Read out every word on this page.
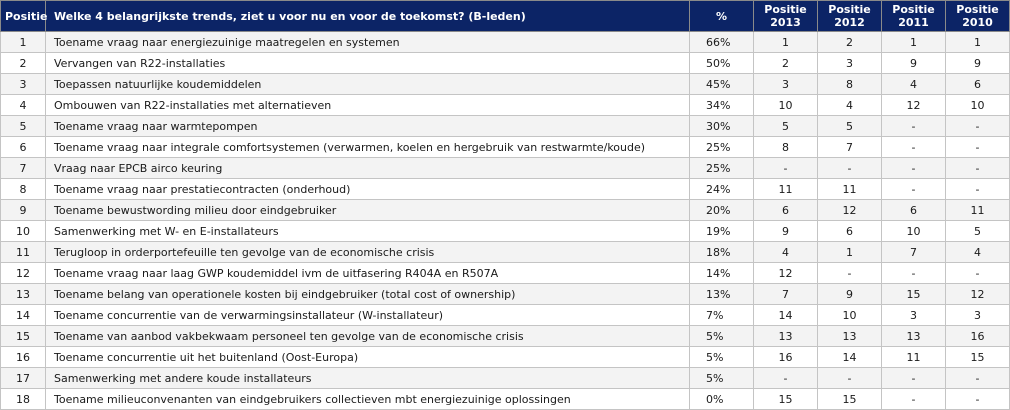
Positie	Welke 4 belangrijkste trends, ziet u voor nu en voor de toekomst? (B-leden)	%	Positie 2013	Positie 2012	Positie 2011	Positie 2010
1	Toename vraag naar energiezuinige maatregelen en systemen	66%	1	2	1	1
2	Vervangen van R22-installaties	50%	2	3	9	9
3	Toepassen natuurlijke koudemiddelen	45%	3	8	4	6
4	Ombouwen van R22-installaties met alternatieven	34%	10	4	12	10
5	Toename vraag naar warmtepompen	30%	5	5	-	-
6	Toename vraag naar integrale comfortsystemen (verwarmen, koelen en hergebruik van restwarmte/koude)	25%	8	7	-	-
7	Vraag naar EPCB airco keuring	25%	-	-	-	-
8	Toename vraag naar prestatiecontracten (onderhoud)	24%	11	11	-	-
9	Toename bewustwording milieu door eindgebruiker	20%	6	12	6	11
10	Samenwerking met W- en E-installateurs	19%	9	6	10	5
11	Terugloop in orderportefeuille ten gevolge van de economische crisis	18%	4	1	7	4
12	Toename vraag naar laag GWP koudemiddel ivm de uitfasering R404A en R507A	14%	12	-	-	-
13	Toename belang van operationele kosten bij eindgebruiker (total cost of ownership)	13%	7	9	15	12
14	Toename concurrentie van de verwarmingsinstallateur (W-installateur)	7%	14	10	3	3
15	Toename van aanbod vakbekwaam personeel ten gevolge van de economische crisis	5%	13	13	13	16
16	Toename concurrentie uit het buitenland (Oost-Europa)	5%	16	14	11	15
17	Samenwerking met andere koude installateurs	5%	-	-	-	-
18	Toename milieuconvenanten van eindgebruikers collectieven mbt energiezuinige oplossingen	0%	15	15	-	-
